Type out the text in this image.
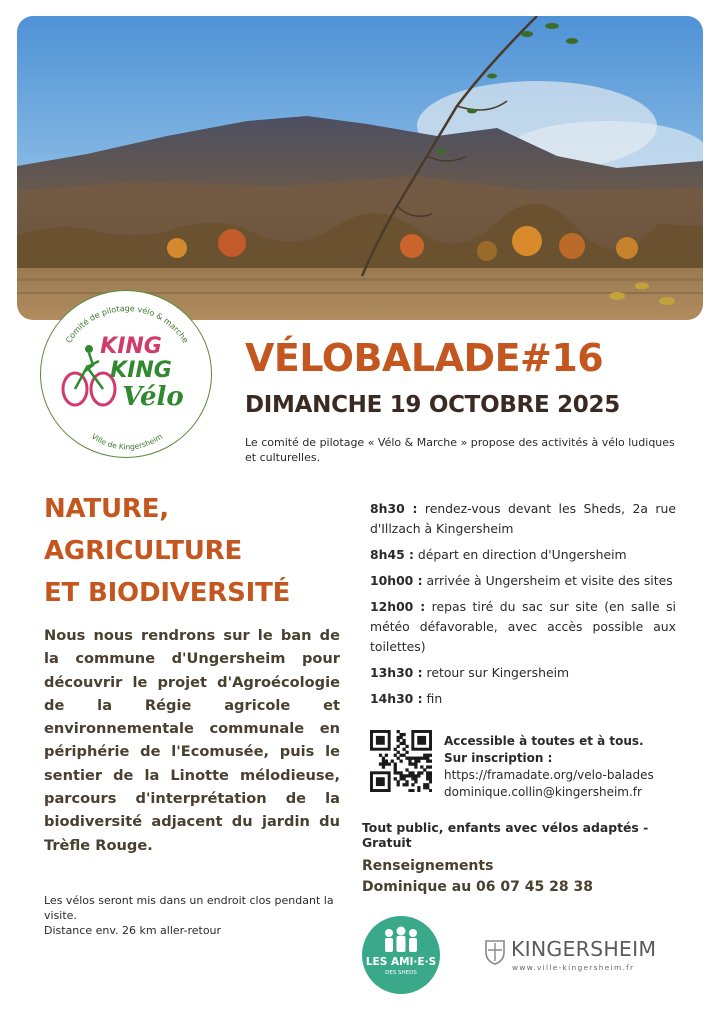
Comité de pilotage vélo & marche
Ville de Kingersheim
KING
KING
Vélo
VÉLOBALADE#16
DIMANCHE 19 OCTOBRE 2025
Le comité de pilotage « Vélo & Marche » propose des activités à vélo ludiques et culturelles.
NATURE,
AGRICULTURE
ET BIODIVERSITÉ
Nous nous rendrons sur le ban de la commune d'Ungersheim pour découvrir le projet d'Agroécologie de la Régie agricole et environnementale communale en périphérie de l'Ecomusée, puis le sentier de la Linotte mélodieuse, parcours d'interprétation de la biodiversité adjacent du jardin du Trèfle Rouge.
Les vélos seront mis dans un endroit clos pendant la visite.
Distance env. 26 km aller-retour
8h30 : rendez-vous devant les Sheds, 2a rue d'Illzach à Kingersheim
8h45 : départ en direction d'Ungersheim
10h00 : arrivée à Ungersheim et visite des sites
12h00 : repas tiré du sac sur site (en salle si météo défavorable, avec accès possible aux toilettes)
13h30 : retour sur Kingersheim
14h30 : fin
Accessible à toutes et à tous.
Sur inscription :
https://framadate.org/velo-balades
dominique.collin@kingersheim.fr
Tout public, enfants avec vélos adaptés - Gratuit
Renseignements
Dominique au 06 07 45 28 38
LES AMI·E·S
DES SHEDS
KINGERSHEIM
www.ville-kingersheim.fr
